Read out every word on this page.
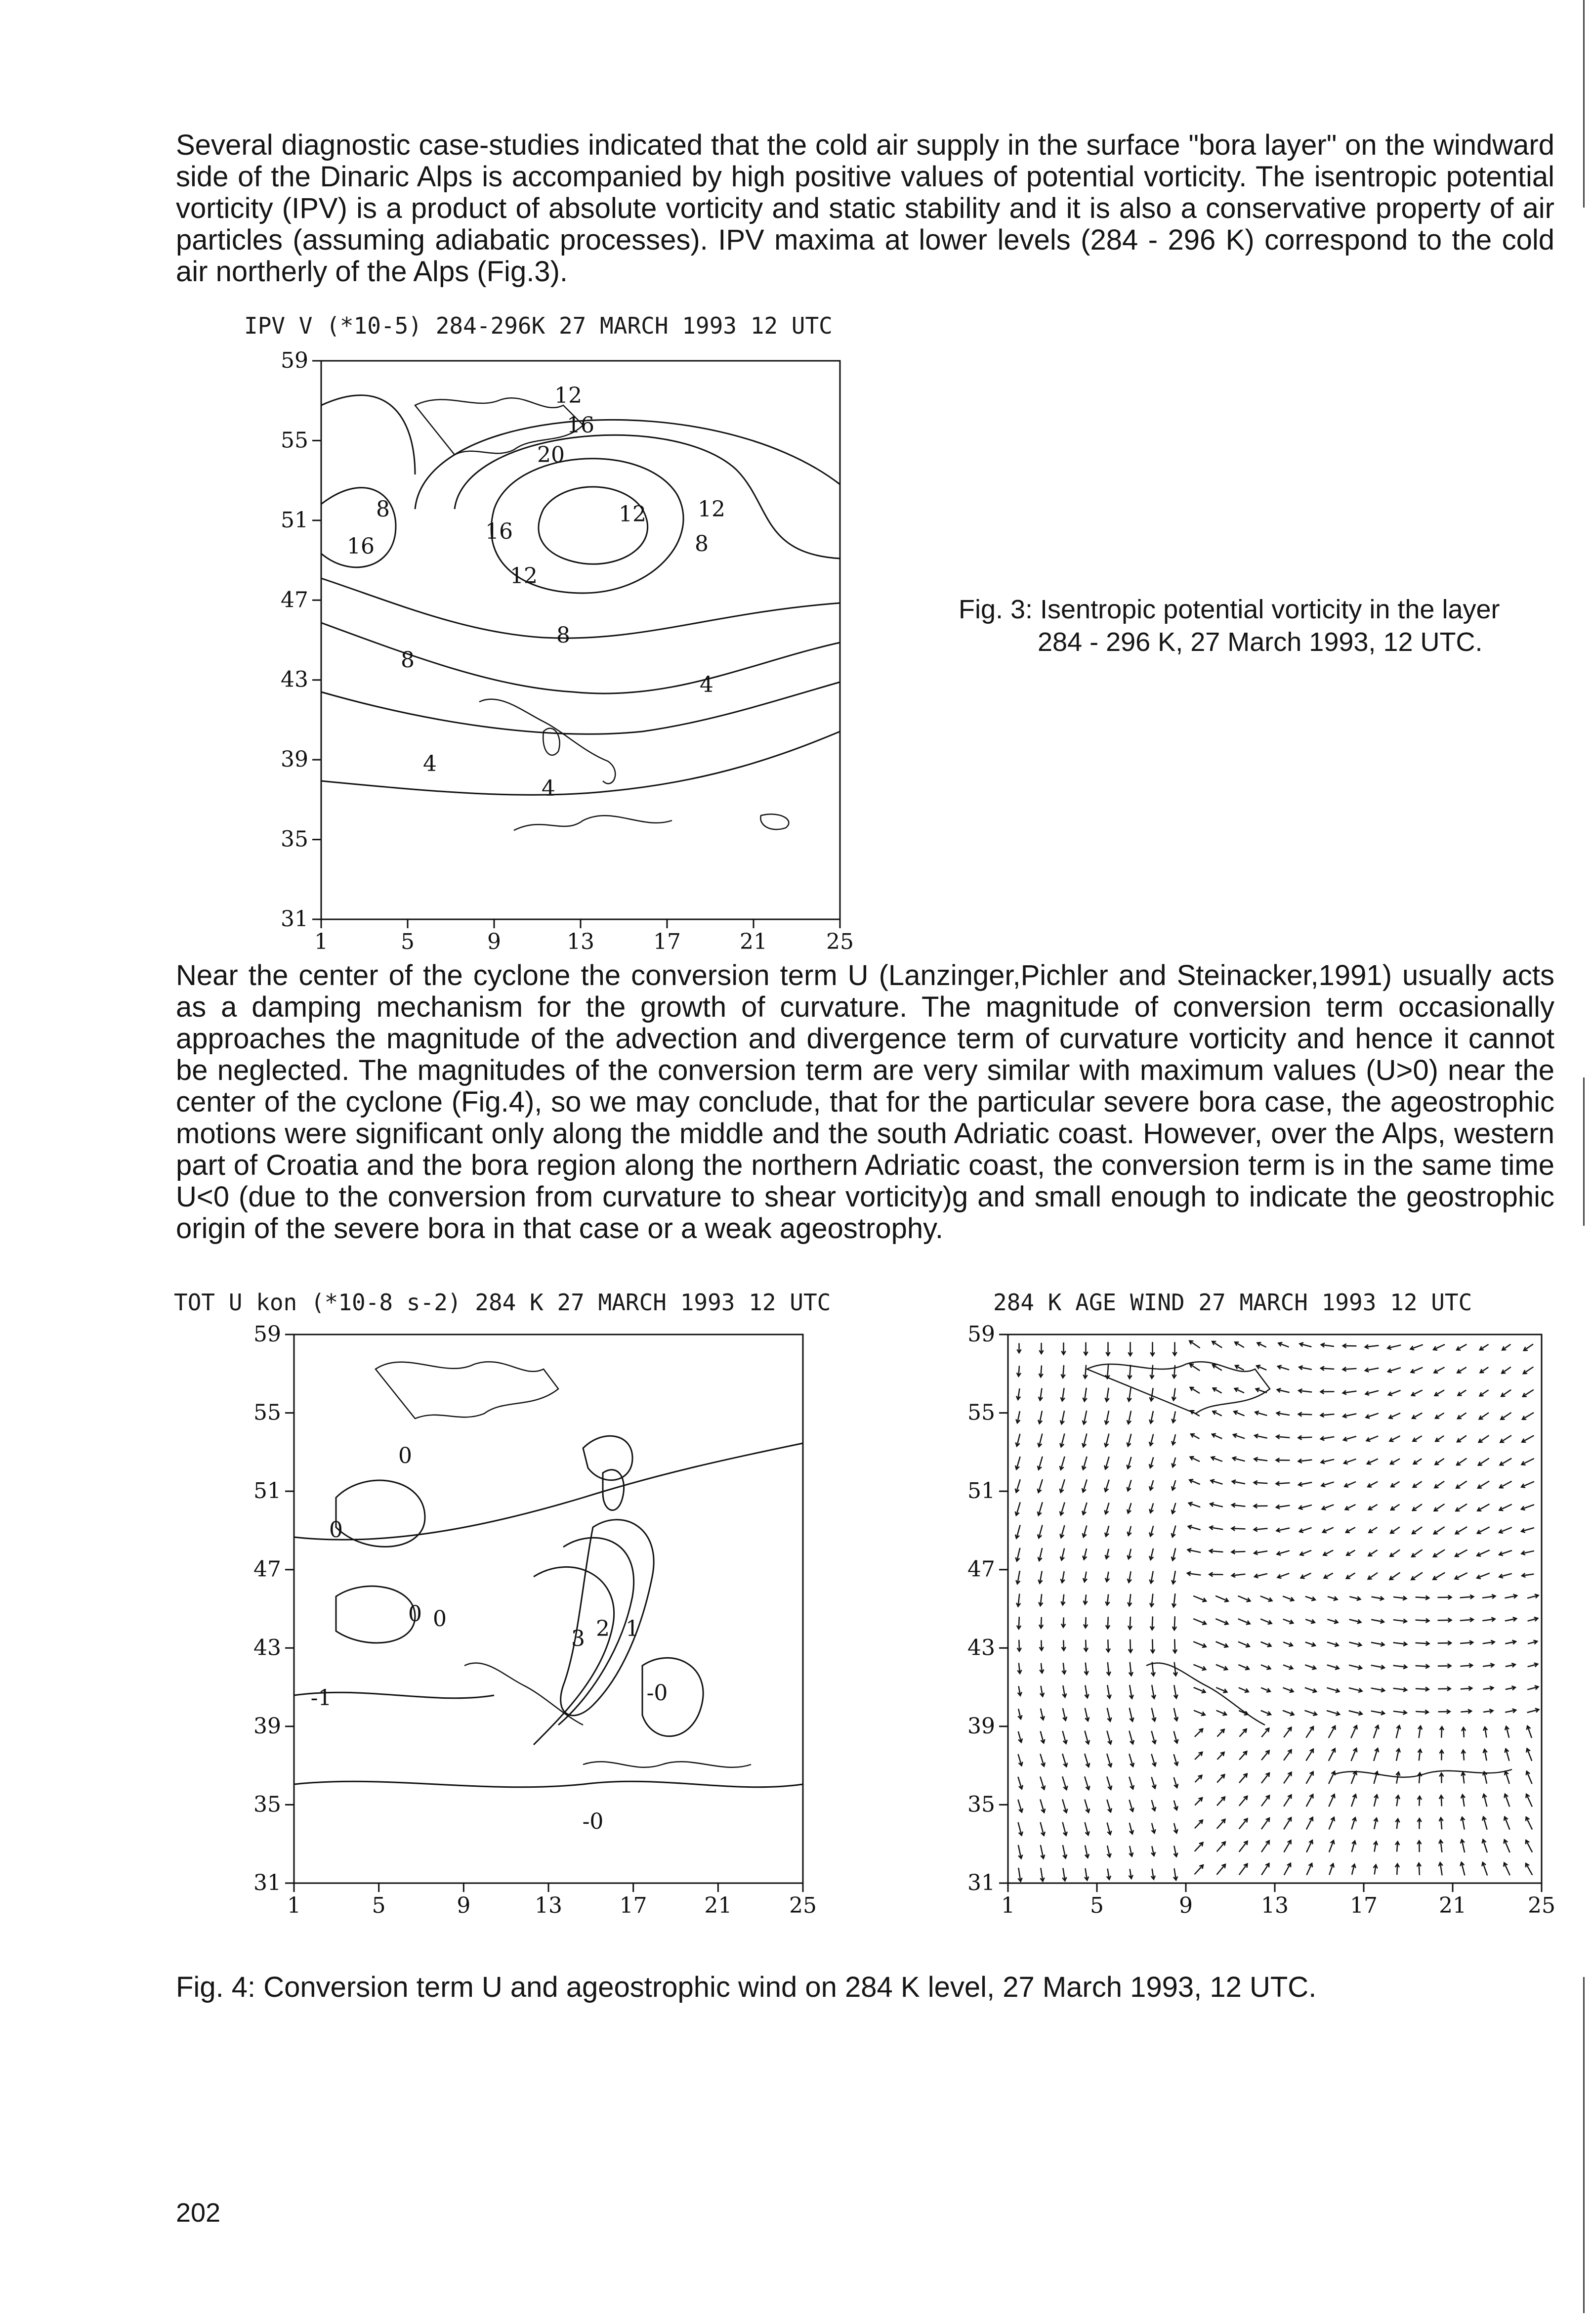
Several diagnostic case-studies indicated that the cold air supply in the surface "bora layer" on the windward side of the Dinaric Alps is accompanied by high positive values of potential vorticity. The isentropic potential vorticity (IPV) is a product of absolute vorticity and static stability and it is also a conservative property of air particles (assuming adiabatic processes). IPV maxima at lower levels (284 - 296 K) correspond to the cold air northerly of the Alps (Fig.3).

IPV V (*10-5) 284-296K 27 MARCH 1993 12 UTC
59
55
51
47
43
39
35
31
1	5	9	13	17	21	25
12
16
20
8
16
12 12
8
16
12
8
8
4
4
4
Fig. 3: Isentropic potential vorticity in the layer
284 - 296 K, 27 March 1993, 12 UTC.

Near the center of the cyclone the conversion term U (Lanzinger,Pichler and Steinacker,1991) usually acts as a damping mechanism for the growth of curvature. The magnitude of conversion term occasionally approaches the magnitude of the advection and divergence term of curvature vorticity and hence it cannot be neglected. The magnitudes of the conversion term are very similar with maximum values (U>0) near the center of the cyclone (Fig.4), so we may conclude, that for the particular severe bora case, the ageostrophic motions were significant only along the middle and the south Adriatic coast. However, over the Alps, western part of Croatia and the bora region along the northern Adriatic coast, the conversion term is in the same time U<0 (due to the conversion from curvature to shear vorticity)g and small enough to indicate the geostrophic origin of the severe bora in that case or a weak ageostrophy.

TOT U kon (*10-8 s-2) 284 K 27 MARCH 1993 12 UTC
59
55
51
47
43
39
35
31
1	5	9	13	17	21	25
0
0
-1
0
-0
3 2 1
-0
0
284 K AGE WIND 27 MARCH 1993 12 UTC
59
55
51
47
43
39
35
31
1	5	9	13	17	21	25
Fig. 4: Conversion term U and ageostrophic wind on 284 K level, 27 March 1993, 12 UTC.
202
